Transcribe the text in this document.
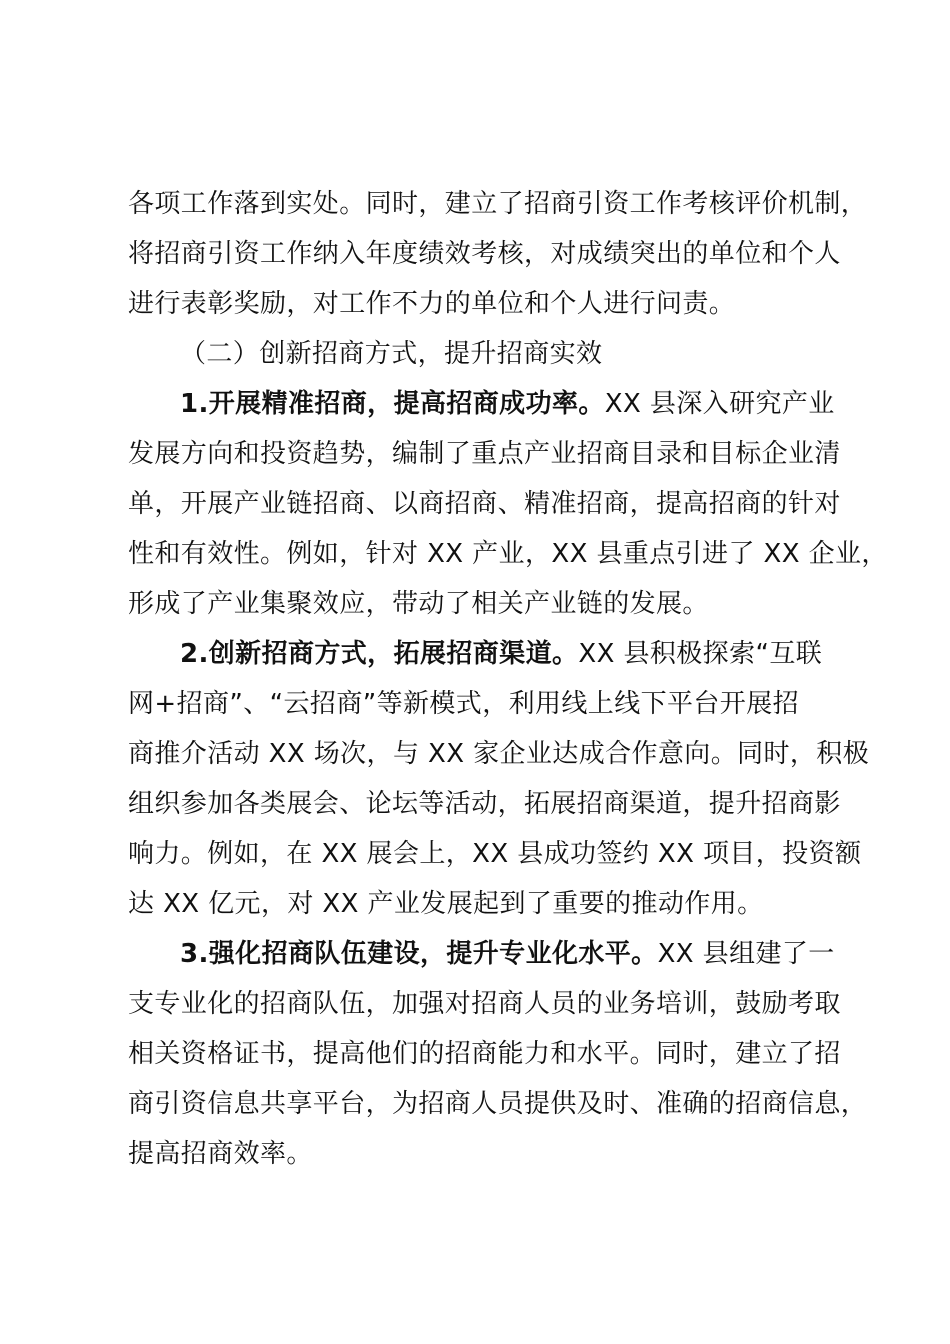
各项工作落到实处。同时，建立了招商引资工作考核评价机制，
将招商引资工作纳入年度绩效考核，对成绩突出的单位和个人
进行表彰奖励，对工作不力的单位和个人进行问责。
（二）创新招商方式，提升招商实效
1.开展精准招商，提高招商成功率。XX 县深入研究产业
发展方向和投资趋势，编制了重点产业招商目录和目标企业清
单，开展产业链招商、以商招商、精准招商，提高招商的针对
性和有效性。例如，针对 XX 产业，XX 县重点引进了 XX 企业，
形成了产业集聚效应，带动了相关产业链的发展。
2.创新招商方式，拓展招商渠道。XX 县积极探索“互联
网+招商”、“云招商”等新模式，利用线上线下平台开展招
商推介活动 XX 场次，与 XX 家企业达成合作意向。同时，积极
组织参加各类展会、论坛等活动，拓展招商渠道，提升招商影
响力。例如，在 XX 展会上，XX 县成功签约 XX 项目，投资额
达 XX 亿元，对 XX 产业发展起到了重要的推动作用。
3.强化招商队伍建设，提升专业化水平。XX 县组建了一
支专业化的招商队伍，加强对招商人员的业务培训，鼓励考取
相关资格证书，提高他们的招商能力和水平。同时，建立了招
商引资信息共享平台，为招商人员提供及时、准确的招商信息，
提高招商效率。
